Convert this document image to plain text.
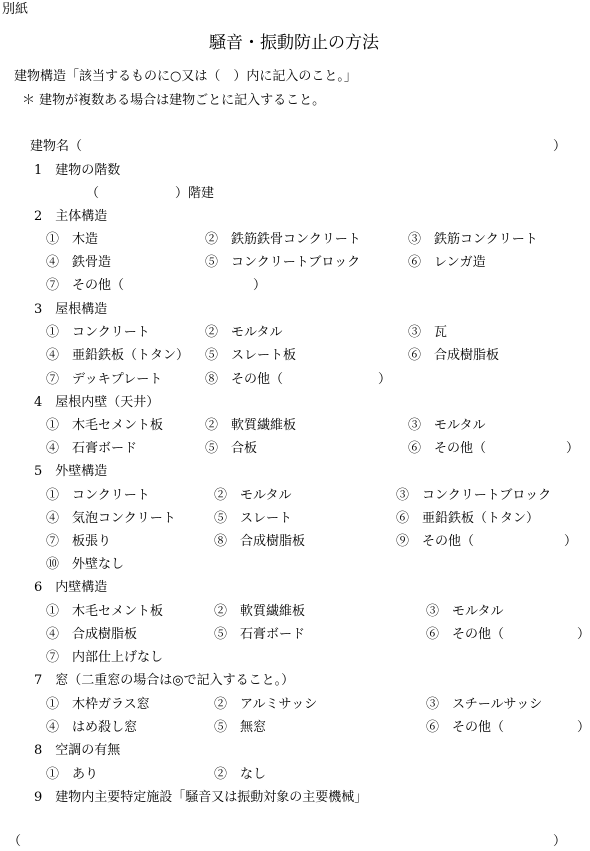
別紙
騒音・振動防止の方法
建物構造「該当するものに○又は（　）内に記入のこと。」
＊ 建物が複数ある場合は建物ごとに記入すること。
建物名（	）
1　建物の階数
（	）階建
2　主体構造
①　木造	②　鉄筋鉄骨コンクリート	③　鉄筋コンクリート
④　鉄骨造	⑤　コンクリートブロック	⑥　レンガ造
⑦　その他（	）
3　屋根構造
①　コンクリート	②　モルタル	③　瓦
④　亜鉛鉄板（トタン） ⑤　スレート板	⑥　合成樹脂板
⑦　デッキプレート	⑧　その他（	）
4　屋根内壁（天井）
①　木毛セメント板	②　軟質繊維板	③　モルタル
④　石膏ボード	⑤　合板	⑥　その他（	）
5　外壁構造
①　コンクリート	②　モルタル	③　コンクリートブロック
④　気泡コンクリート	⑤　スレート	⑥　亜鉛鉄板（トタン）
⑦　板張り	⑧　合成樹脂板	⑨　その他（	）
⑩　外壁なし
6　内壁構造
①　木毛セメント板	②　軟質繊維板	③　モルタル
④　合成樹脂板	⑤　石膏ボード	⑥　その他（	）
⑦　内部仕上げなし
7　窓（二重窓の場合は◎で記入すること。）
①　木枠ガラス窓	②　アルミサッシ	③　スチールサッシ
④　はめ殺し窓	⑤　無窓	⑥　その他（	）
8　空調の有無
①　あり	②　なし
9　建物内主要特定施設「騒音又は振動対象の主要機械」
（	）
